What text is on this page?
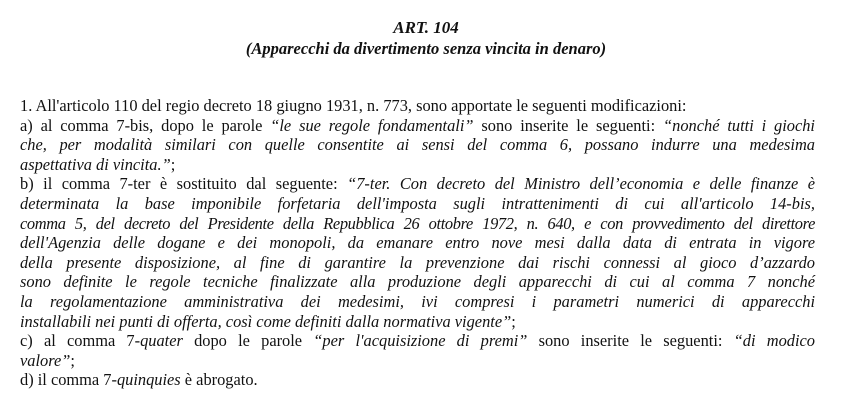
ART. 104
(Apparecchi da divertimento senza vincita in denaro)
1. All'articolo 110 del regio decreto 18 giugno 1931, n. 773, sono apportate le seguenti modificazioni:
a) al comma 7-bis, dopo le parole “le sue regole fondamentali” sono inserite le seguenti: “nonché tutti i giochi
che, per modalità similari con quelle consentite ai sensi del comma 6, possano indurre una medesima
aspettativa di vincita.”;
b) il comma 7-ter è sostituito dal seguente: “7-ter. Con decreto del Ministro dell’economia e delle finanze è
determinata la base imponibile forfetaria dell'imposta sugli intrattenimenti di cui all'articolo 14-bis,
comma 5, del decreto del Presidente della Repubblica 26 ottobre 1972, n. 640, e con provvedimento del direttore
dell'Agenzia delle dogane e dei monopoli, da emanare entro nove mesi dalla data di entrata in vigore
della presente disposizione, al fine di garantire la prevenzione dai rischi connessi al gioco d’azzardo
sono definite le regole tecniche finalizzate alla produzione degli apparecchi di cui al comma 7 nonché
la regolamentazione amministrativa dei medesimi, ivi compresi i parametri numerici di apparecchi
installabili nei punti di offerta, così come definiti dalla normativa vigente”;
c) al comma 7-quater dopo le parole “per l'acquisizione di premi” sono inserite le seguenti: “di modico
valore”;
d) il comma 7-quinquies è abrogato.
